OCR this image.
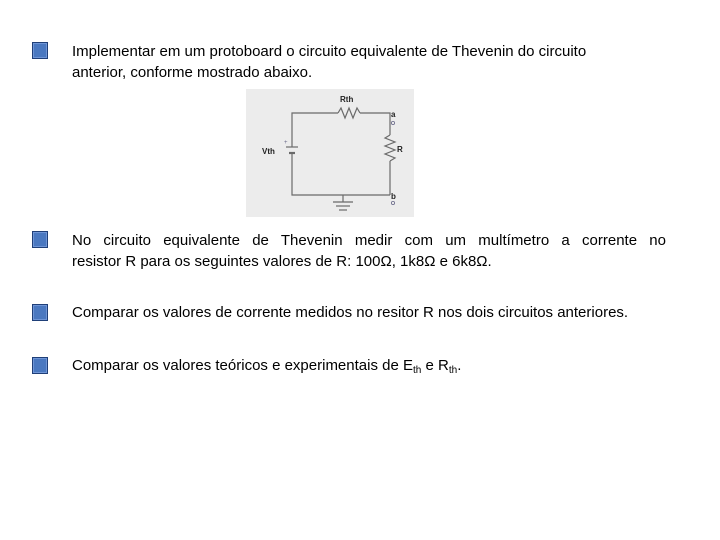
Implementar em um protoboard o circuito equivalente de Thevenin do circuito
anterior, conforme mostrado abaixo.
Rth
Vth	R
a
b
+
No circuito equivalente de Thevenin medir com um multímetro a corrente no
resistor R para os seguintes valores de R: 100Ω, 1k8Ω e 6k8Ω.
Comparar os valores de corrente medidos no resitor R nos dois circuitos anteriores.
Comparar os valores teóricos e experimentais de $E_{th}$ e $R_{th}$.
